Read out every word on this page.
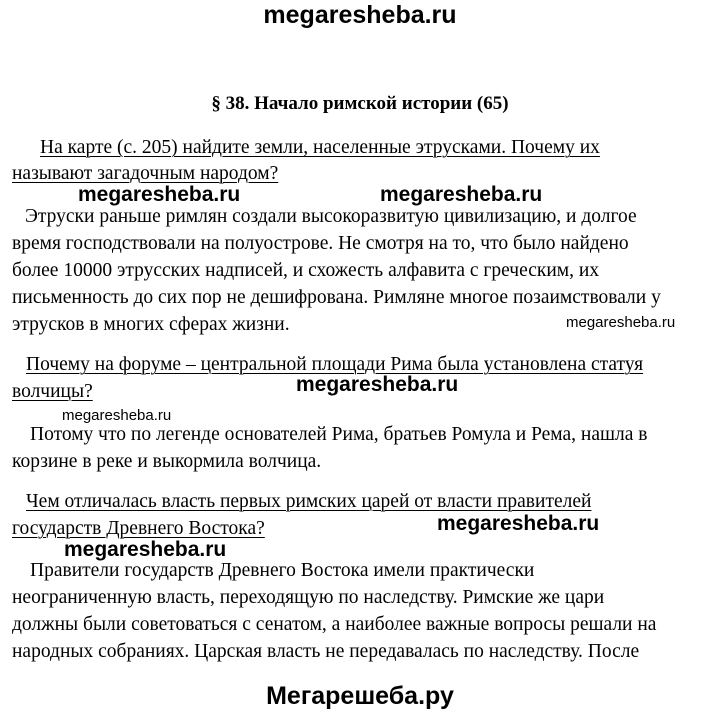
megaresheba.ru
§ 38. Начало римской истории (65)
На карте (с. 205) найдите земли, населенные этрусками. Почему их
называют загадочным народом?
megaresheba.ru	megaresheba.ru
Этруски раньше римлян создали высокоразвитую цивилизацию, и долгое
время господствовали на полуострове. Не смотря на то, что было найдено
более 10000 этрусских надписей, и схожесть алфавита с греческим, их
письменность до сих пор не дешифрована. Римляне многое позаимствовали у
этрусков в многих сферах жизни.	megaresheba.ru
Почему на форуме – центральной площади Рима была установлена статуя
волчицы?	megaresheba.ru
megaresheba.ru
Потому что по легенде основателей Рима, братьев Ромула и Рема, нашла в
корзине в реке и выкормила волчица.
Чем отличалась власть первых римских царей от власти правителей
государств Древнего Востока?	megaresheba.ru
megaresheba.ru
Правители государств Древнего Востока имели практически
неограниченную власть, переходящую по наследству. Римские же цари
должны были советоваться с сенатом, а наиболее важные вопросы решали на
народных собраниях. Царская власть не передавалась по наследству. После
Мегарешеба.ру
